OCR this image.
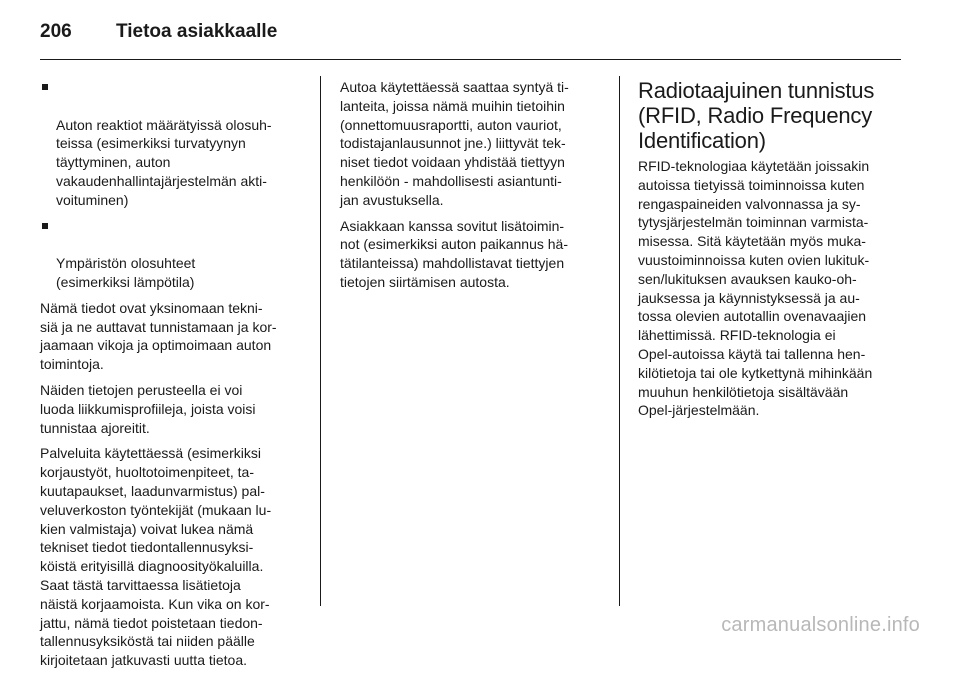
206 Tietoa asiakkaalle

Auton reaktiot määrätyissä olosuh-
teissa (esimerkiksi turvatyynyn
täyttyminen, auton
vakaudenhallintajärjestelmän akti-
voituminen)

Ympäristön olosuhteet
(esimerkiksi lämpötila)

Nämä tiedot ovat yksinomaan tekni-
siä ja ne auttavat tunnistamaan ja kor-
jaamaan vikoja ja optimoimaan auton
toimintoja.

Näiden tietojen perusteella ei voi
luoda liikkumisprofiileja, joista voisi
tunnistaa ajoreitit.

Palveluita käytettäessä (esimerkiksi
korjaustyöt, huoltotoimenpiteet, ta-
kuutapaukset, laadunvarmistus) pal-
veluverkoston työntekijät (mukaan lu-
kien valmistaja) voivat lukea nämä
tekniset tiedot tiedontallennusyksi-
köistä erityisillä diagnoosityökaluilla.
Saat tästä tarvittaessa lisätietoja
näistä korjaamoista. Kun vika on kor-
jattu, nämä tiedot poistetaan tiedon-
tallennusyksiköstä tai niiden päälle
kirjoitetaan jatkuvasti uutta tietoa.

Autoa käytettäessä saattaa syntyä ti-
lanteita, joissa nämä muihin tietoihin
(onnettomuusraportti, auton vauriot,
todistajanlausunnot jne.) liittyvät tek-
niset tiedot voidaan yhdistää tiettyyn
henkilöön - mahdollisesti asiantunti-
jan avustuksella.

Asiakkaan kanssa sovitut lisätoimin-
not (esimerkiksi auton paikannus hä-
tätilanteissa) mahdollistavat tiettyjen
tietojen siirtämisen autosta.

Radiotaajuinen tunnistus
(RFID, Radio Frequency
Identification)

RFID-teknologiaa käytetään joissakin
autoissa tietyissä toiminnoissa kuten
rengaspaineiden valvonnassa ja sy-
tytysjärjestelmän toiminnan varmista-
misessa. Sitä käytetään myös muka-
vuustoiminnoissa kuten ovien lukituk-
sen/lukituksen avauksen kauko-oh-
jauksessa ja käynnistyksessä ja au-
tossa olevien autotallin ovenavaajien
lähettimissä. RFID-teknologia ei
Opel-autoissa käytä tai tallenna hen-
kilötietoja tai ole kytkettynä mihinkään
muuhun henkilötietoja sisältävään
Opel-järjestelmään.

carmanualsonline.info
